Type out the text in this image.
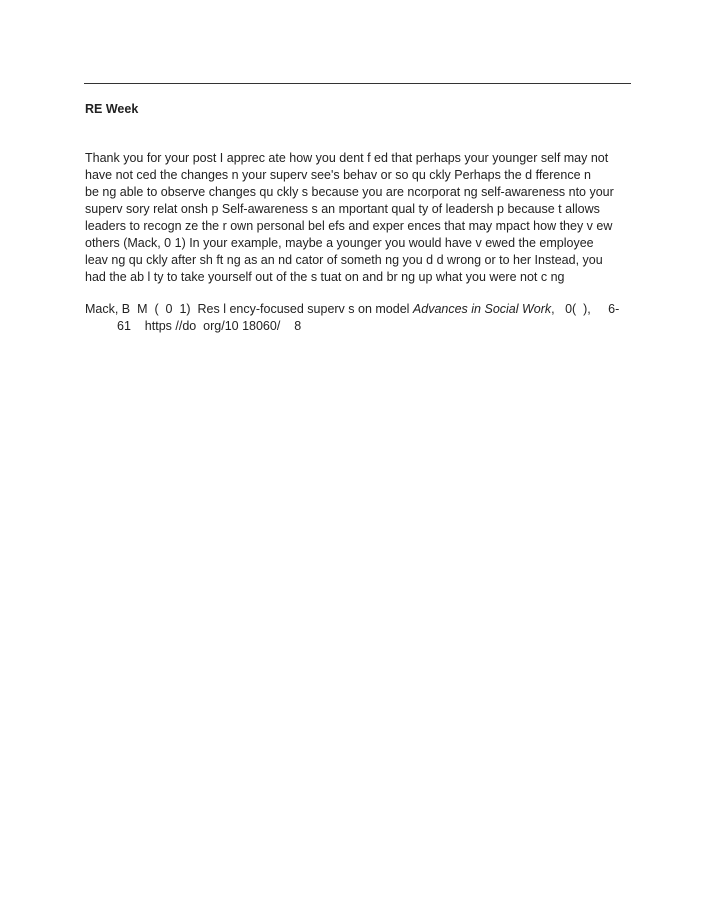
RE Week
Thank you for your post I apprec ate how you dent f ed that perhaps your younger self may not
have not ced the changes n your superv see's behav or so qu ckly Perhaps the d fference n
be ng able to observe changes qu ckly s because you are ncorporat ng self-awareness nto your
superv sory relat onsh p Self-awareness s an mportant qual ty of leadersh p because t allows
leaders to recogn ze the r own personal bel efs and exper ences that may mpact how they v ew
others (Mack, 0 1) In your example, maybe a younger you would have v ewed the employee
leav ng qu ckly after sh ft ng as an nd cator of someth ng you d d wrong or to her Instead, you
had the ab l ty to take yourself out of the s tuat on and br ng up what you were not c ng
Mack, B  M  (  0  1)  Res l ency-focused superv s on model Advances in Social Work,   0(  ),     6-
61    https //do  org/10 18060/    8
